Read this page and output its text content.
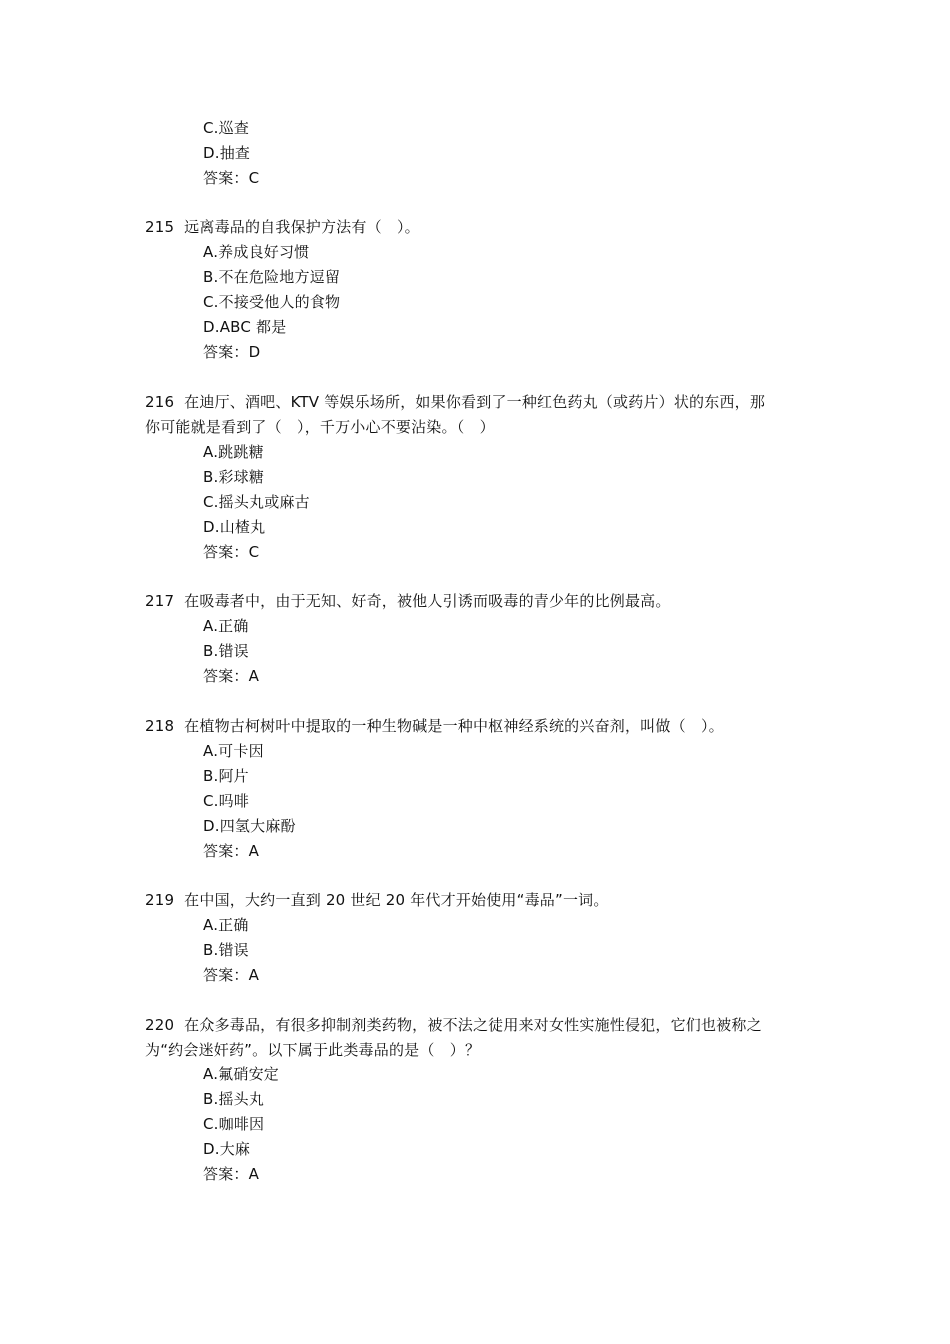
C.巡查
D.抽查
答案：C
215 远离毒品的自我保护方法有（　）。
A.养成良好习惯
B.不在危险地方逗留
C.不接受他人的食物
D.ABC 都是
答案：D
216 在迪厅、酒吧、KTV 等娱乐场所，如果你看到了一种红色药丸（或药片）状的东西，那
你可能就是看到了（　），千万小心不要沾染。（　）
A.跳跳糖
B.彩球糖
C.摇头丸或麻古
D.山楂丸
答案：C
217 在吸毒者中，由于无知、好奇，被他人引诱而吸毒的青少年的比例最高。
A.正确
B.错误
答案：A
218 在植物古柯树叶中提取的一种生物碱是一种中枢神经系统的兴奋剂，叫做（　）。
A.可卡因
B.阿片
C.吗啡
D.四氢大麻酚
答案：A
219 在中国，大约一直到 20 世纪 20 年代才开始使用“毒品”一词。
A.正确
B.错误
答案：A
220 在众多毒品，有很多抑制剂类药物，被不法之徒用来对女性实施性侵犯，它们也被称之
为“约会迷奸药”。以下属于此类毒品的是（　）？
A.氟硝安定
B.摇头丸
C.咖啡因
D.大麻
答案：A
